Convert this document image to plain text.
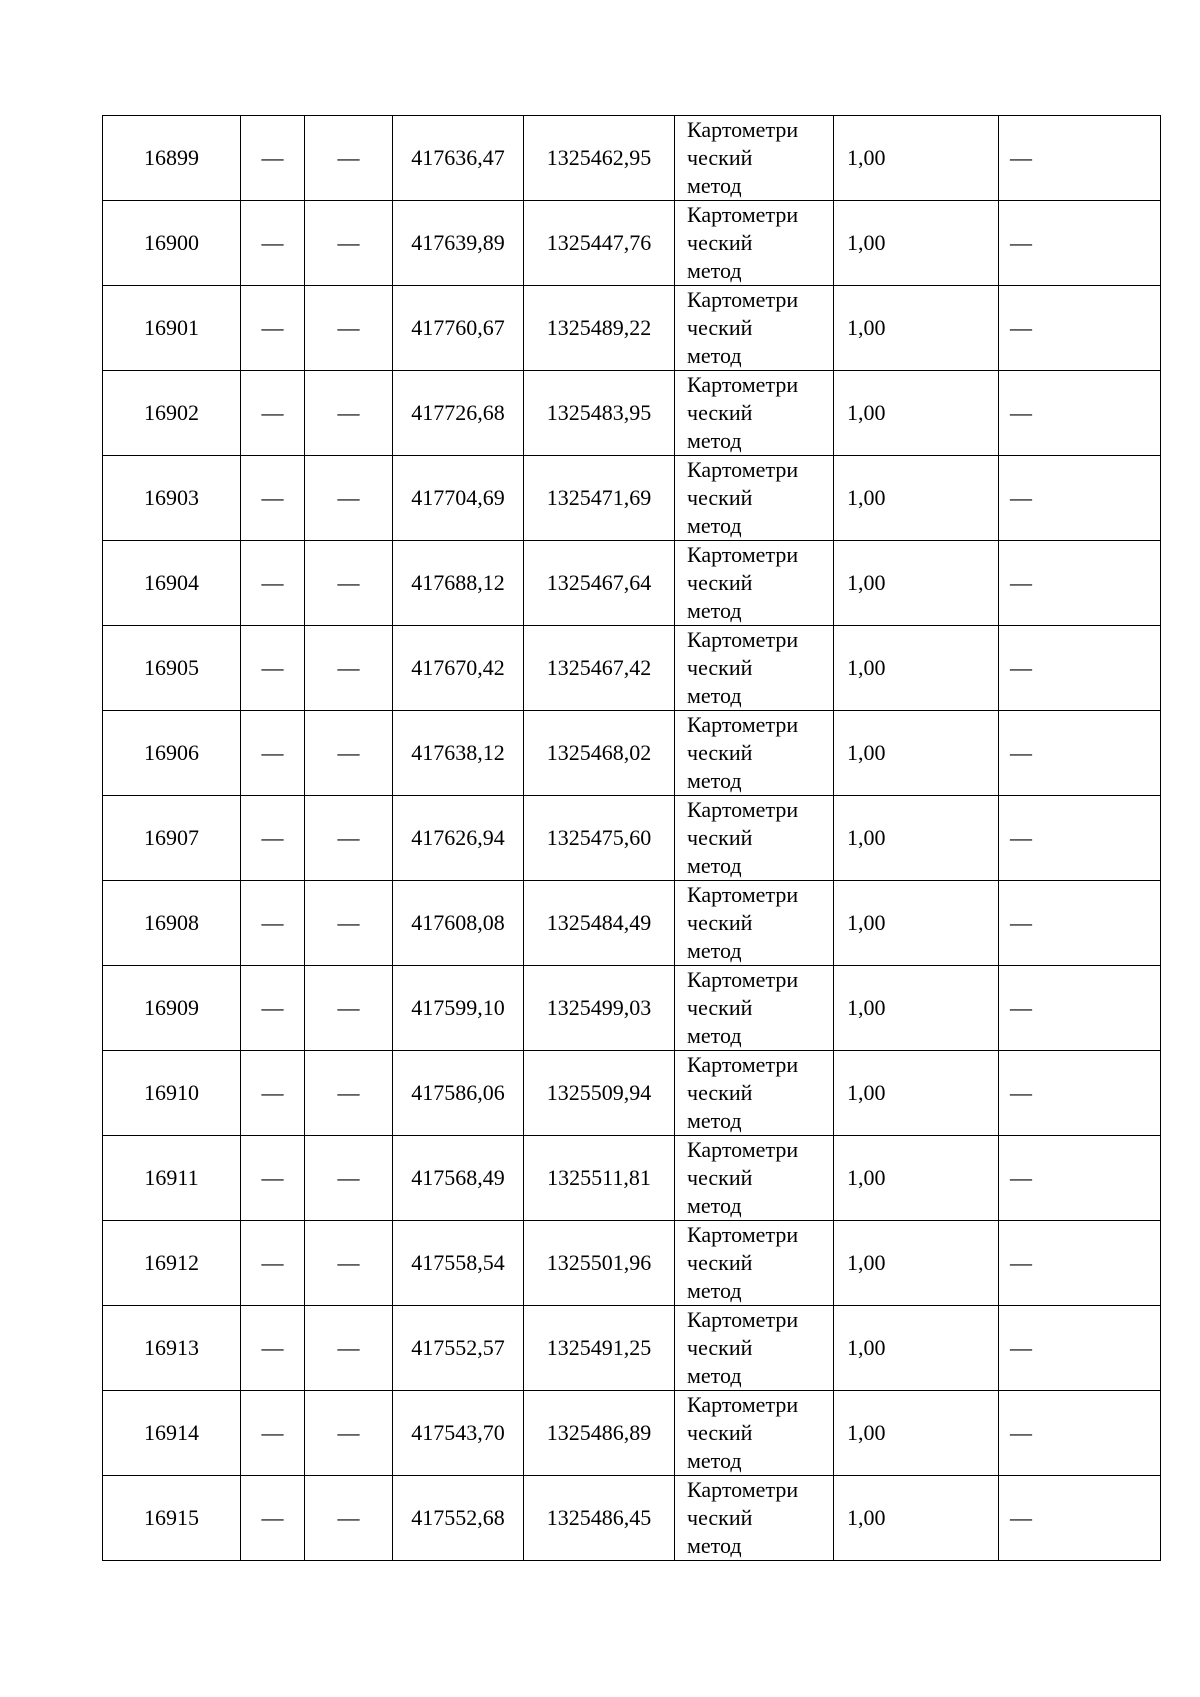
16899	—	—	417636,47	1325462,95	Картометри
ческий
метод	1,00	—
16900	—	—	417639,89	1325447,76	Картометри
ческий
метод	1,00	—
16901	—	—	417760,67	1325489,22	Картометри
ческий
метод	1,00	—
16902	—	—	417726,68	1325483,95	Картометри
ческий
метод	1,00	—
16903	—	—	417704,69	1325471,69	Картометри
ческий
метод	1,00	—
16904	—	—	417688,12	1325467,64	Картометри
ческий
метод	1,00	—
16905	—	—	417670,42	1325467,42	Картометри
ческий
метод	1,00	—
16906	—	—	417638,12	1325468,02	Картометри
ческий
метод	1,00	—
16907	—	—	417626,94	1325475,60	Картометри
ческий
метод	1,00	—
16908	—	—	417608,08	1325484,49	Картометри
ческий
метод	1,00	—
16909	—	—	417599,10	1325499,03	Картометри
ческий
метод	1,00	—
16910	—	—	417586,06	1325509,94	Картометри
ческий
метод	1,00	—
16911	—	—	417568,49	1325511,81	Картометри
ческий
метод	1,00	—
16912	—	—	417558,54	1325501,96	Картометри
ческий
метод	1,00	—
16913	—	—	417552,57	1325491,25	Картометри
ческий
метод	1,00	—
16914	—	—	417543,70	1325486,89	Картометри
ческий
метод	1,00	—
16915	—	—	417552,68	1325486,45	Картометри
ческий
метод	1,00	—
